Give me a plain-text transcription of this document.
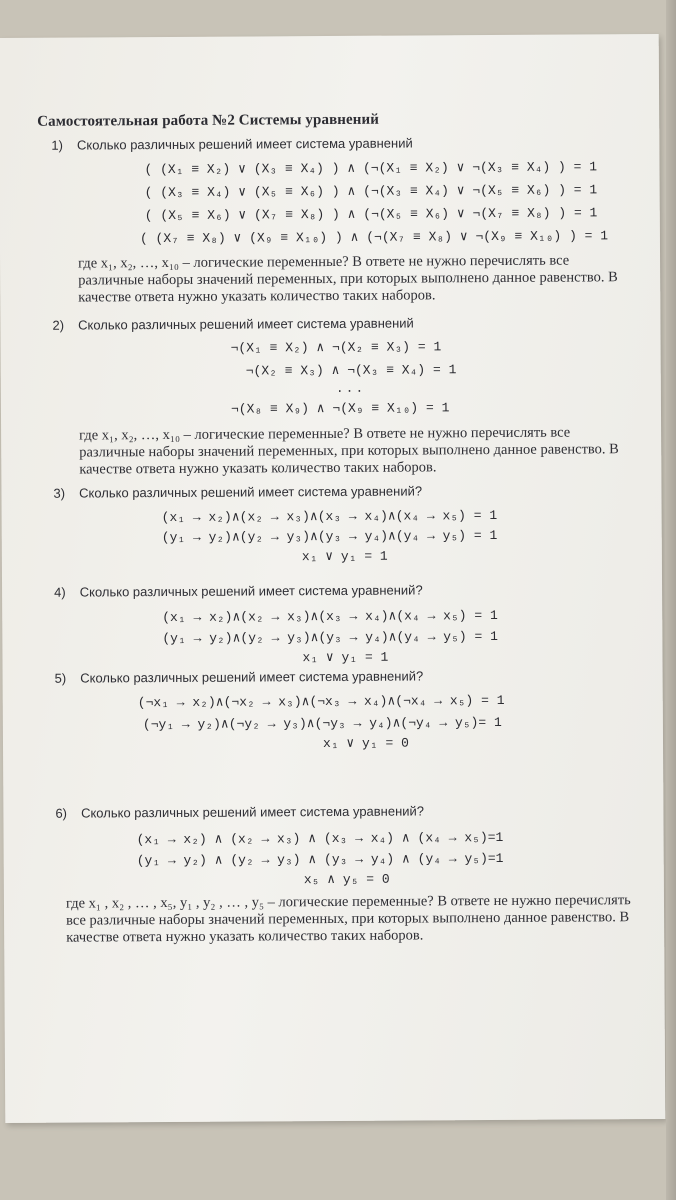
Самостоятельная работа №2 Системы уравнений
1) Сколько различных решений имеет система уравнений
( (X₁ ≡ X₂) ∨ (X₃ ≡ X₄) ) ∧ (¬(X₁ ≡ X₂) ∨ ¬(X₃ ≡ X₄) ) = 1
( (X₃ ≡ X₄) ∨ (X₅ ≡ X₆) ) ∧ (¬(X₃ ≡ X₄) ∨ ¬(X₅ ≡ X₆) ) = 1
( (X₅ ≡ X₆) ∨ (X₇ ≡ X₈) ) ∧ (¬(X₅ ≡ X₆) ∨ ¬(X₇ ≡ X₈) ) = 1
( (X₇ ≡ X₈) ∨ (X₉ ≡ X₁₀) ) ∧ (¬(X₇ ≡ X₈) ∨ ¬(X₉ ≡ X₁₀) ) = 1
где x₁, x₂, …, x₁₀ – логические переменные? В ответе не нужно перечислять все различные наборы значений переменных, при которых выполнено данное равенство. В качестве ответа нужно указать количество таких наборов.
2) Сколько различных решений имеет система уравнений
¬(X₁ ≡ X₂) ∧ ¬(X₂ ≡ X₃) = 1
¬(X₂ ≡ X₃) ∧ ¬(X₃ ≡ X₄) = 1
...
¬(X₈ ≡ X₉) ∧ ¬(X₉ ≡ X₁₀) = 1
где x₁, x₂, …, x₁₀ – логические переменные? В ответе не нужно перечислять все различные наборы значений переменных, при которых выполнено данное равенство. В качестве ответа нужно указать количество таких наборов.
3) Сколько различных решений имеет система уравнений?
(x₁ → x₂)∧(x₂ → x₃)∧(x₃ → x₄)∧(x₄ → x₅) = 1
(y₁ → y₂)∧(y₂ → y₃)∧(y₃ → y₄)∧(y₄ → y₅) = 1
x₁ ∨ y₁ = 1
4) Сколько различных решений имеет система уравнений?
(x₁ → x₂)∧(x₂ → x₃)∧(x₃ → x₄)∧(x₄ → x₅) = 1
(y₁ → y₂)∧(y₂ → y₃)∧(y₃ → y₄)∧(y₄ → y₅) = 1
x₁ ∨ y₁ = 1
5) Сколько различных решений имеет система уравнений?
(¬x₁ → x₂)∧(¬x₂ → x₃)∧(¬x₃ → x₄)∧(¬x₄ → x₅) = 1
(¬y₁ → y₂)∧(¬y₂ → y₃)∧(¬y₃ → y₄)∧(¬y₄ → y₅)= 1
x₁ ∨ y₁ = 0
6) Сколько различных решений имеет система уравнений?
(x₁ → x₂) ∧ (x₂ → x₃) ∧ (x₃ → x₄) ∧ (x₄ → x₅)=1
(y₁ → y₂) ∧ (y₂ → y₃) ∧ (y₃ → y₄) ∧ (y₄ → y₅)=1
x₅ ∧ y₅ = 0
где x₁ , x₂ , … , x₅, y₁ , y₂ , … , y₅ – логические переменные? В ответе не нужно перечислять все различные наборы значений переменных, при которых выполнено данное равенство. В качестве ответа нужно указать количество таких наборов.
